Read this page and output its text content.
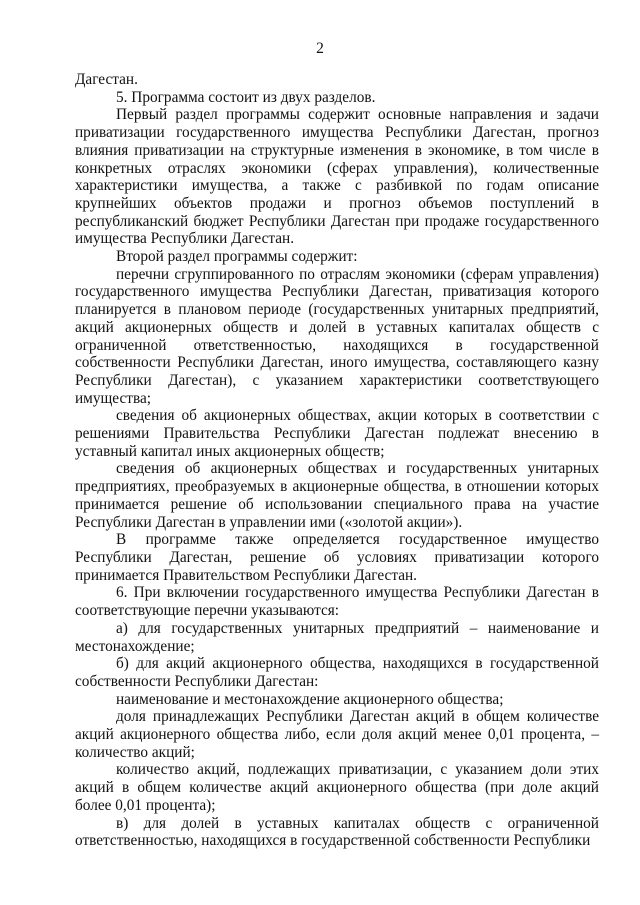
2

Дагестан.

5. Программа состоит из двух разделов.

Первый раздел программы содержит основные направления и задачи приватизации государственного имущества Республики Дагестан, прогноз влияния приватизации на структурные изменения в экономике, в том числе в конкретных отраслях экономики (сферах управления), количественные характеристики имущества, а также с разбивкой по годам описание крупнейших объектов продажи и прогноз объемов поступлений в республиканский бюджет Республики Дагестан при продаже государственного имущества Республики Дагестан.

Второй раздел программы содержит:

перечни сгруппированного по отраслям экономики (сферам управления) государственного имущества Республики Дагестан, приватизация которого планируется в плановом периоде (государственных унитарных предприятий, акций акционерных обществ и долей в уставных капиталах обществ с ограниченной ответственностью, находящихся в государственной собственности Республики Дагестан, иного имущества, составляющего казну Республики Дагестан), с указанием характеристики соответствующего имущества;

сведения об акционерных обществах, акции которых в соответствии с решениями Правительства Республики Дагестан подлежат внесению в уставный капитал иных акционерных обществ;

сведения об акционерных обществах и государственных унитарных предприятиях, преобразуемых в акционерные общества, в отношении которых принимается решение об использовании специального права на участие Республики Дагестан в управлении ими («золотой акции»).

В программе также определяется государственное имущество Республики Дагестан, решение об условиях приватизации которого принимается Правительством Республики Дагестан.

6. При включении государственного имущества Республики Дагестан в соответствующие перечни указываются:

а) для государственных унитарных предприятий – наименование и местонахождение;

б) для акций акционерного общества, находящихся в государственной собственности Республики Дагестан:

наименование и местонахождение акционерного общества;

доля принадлежащих Республики Дагестан акций в общем количестве акций акционерного общества либо, если доля акций менее 0,01 процента, – количество акций;

количество акций, подлежащих приватизации, с указанием доли этих акций в общем количестве акций акционерного общества (при доле акций более 0,01 процента);

в) для долей в уставных капиталах обществ с ограниченной ответственностью, находящихся в государственной собственности Республики
